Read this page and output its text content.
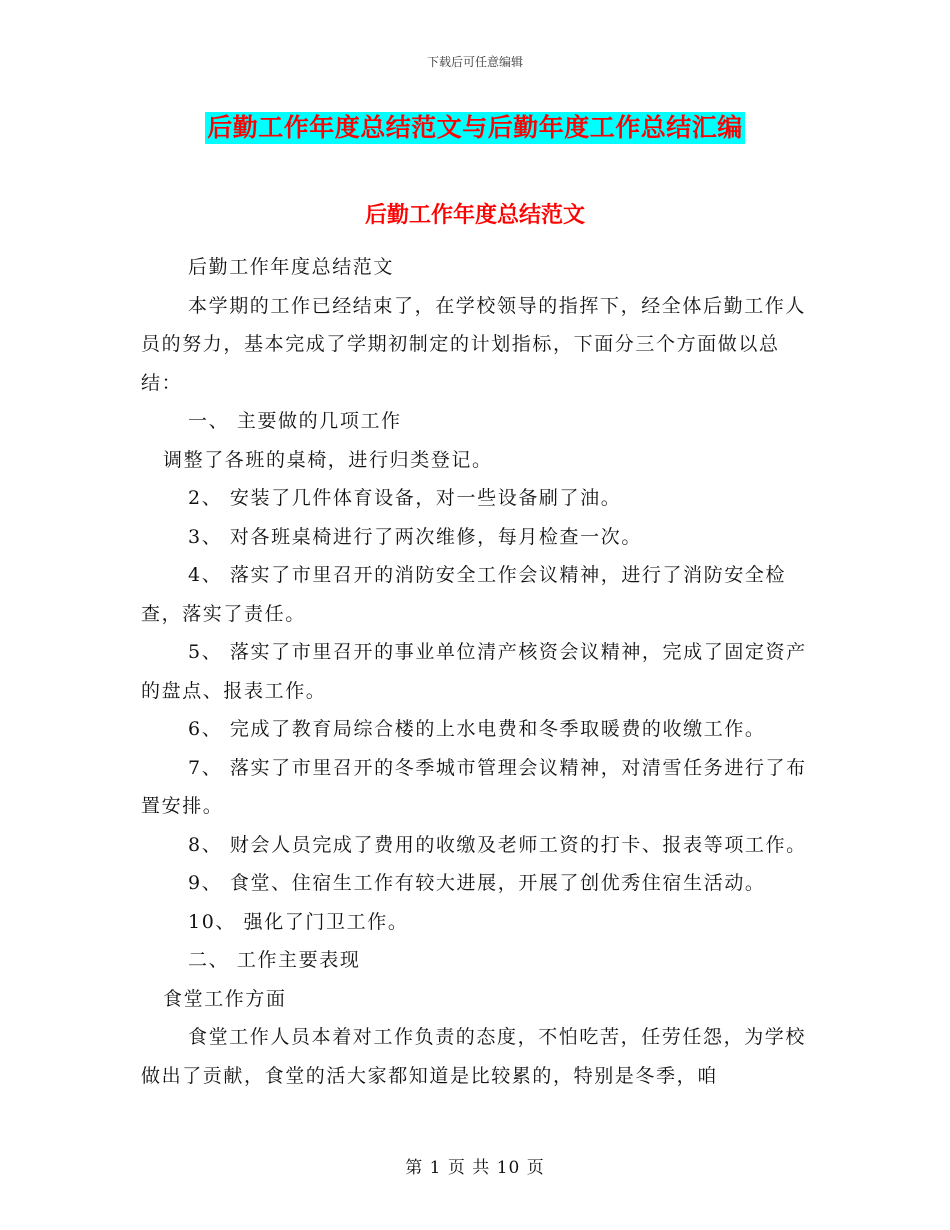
下载后可任意编辑
后勤工作年度总结范文与后勤年度工作总结汇编
后勤工作年度总结范文

后勤工作年度总结范文

本学期的工作已经结束了，在学校领导的指挥下，经全体后勤工作人员的努力，基本完成了学期初制定的计划指标，下面分三个方面做以总结：

一、 主要做的几项工作

调整了各班的桌椅，进行归类登记。

2、 安装了几件体育设备，对一些设备刷了油。

3、 对各班桌椅进行了两次维修，每月检查一次。

4、 落实了市里召开的消防安全工作会议精神，进行了消防安全检查，落实了责任。

5、 落实了市里召开的事业单位清产核资会议精神，完成了固定资产的盘点、报表工作。

6、 完成了教育局综合楼的上水电费和冬季取暖费的收缴工作。

7、 落实了市里召开的冬季城市管理会议精神，对清雪任务进行了布置安排。

8、 财会人员完成了费用的收缴及老师工资的打卡、报表等项工作。

9、 食堂、住宿生工作有较大进展，开展了创优秀住宿生活动。

10、 强化了门卫工作。

二、 工作主要表现

食堂工作方面

食堂工作人员本着对工作负责的态度，不怕吃苦，任劳任怨，为学校做出了贡献，食堂的活大家都知道是比较累的，特别是冬季，咱

第 1 页 共 10 页
